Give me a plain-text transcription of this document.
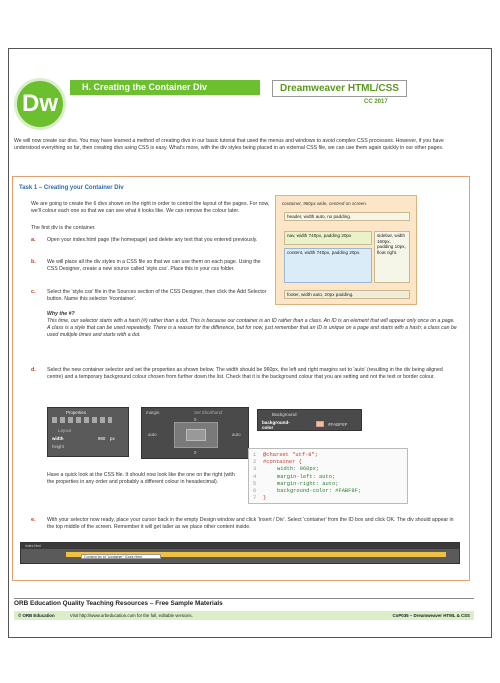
Dw
H. Creating the Container Div	Dreamweaver HTML/CSS
CC 2017
We will now create our divs. You may have learned a method of creating divs in our basic tutorial that used the menus and windows to avoid complex CSS processes. However, if you have understood everything so far, then creating divs using CSS is easy. What's more, with the div styles being placed in an external CSS file, we can use them again quickly in our other pages.
Task 1 – Creating your Container Div
We are going to create the 6 divs shown on the right in order to control the layout of the pages. For now, we'll colour each one so that we can see what it looks like. We can remove the colour later.
The first div is the container.
a. Open your index.html page (the homepage) and delete any text that you entered previously.
b. We will place all the div styles in a CSS file so that we can use them on each page. Using the CSS Designer, create a new source called 'style.css'. Place this in your css folder.
c. Select the 'style.css' file in the Sources section of the CSS Designer, then click the Add Selector button. Name this selector '#container'.
Why the #?
This time, our selector starts with a hash (#) rather than a dot. This is because our container is an ID rather than a class. An ID is an element that will appear only once on a page. A class is a style that can be used repeatedly. There is a reason for the difference, but for now, just remember that an ID is unique on a page and starts with a hash; a class can be used multiple times and starts with a dot.
d. Select the new container selector and set the properties as shown below. The width should be 960px, the left and right margins set to 'auto' (resulting in the div being aligned centre) and a temporary background colour chosen from further down the list. Check that it is the background colour that you are setting and not the text or border colour.
container, 960px wide, centred on screen.
header, width auto, no padding.
nav, width 740px, padding 20px
content, width 740px, padding 20px.
sidebar, width 160px, padding 10px, float right.
footer, width auto, 20px padding.
Properties
Layout
width	960 px
height
margin	Set Shorthand
0
auto	auto
0
Background
background-color
#FABF8F
Have a quick look at the CSS file. It should now look like the one on the right (with the properties in any order and probably a different colour in hexadecimal).
e. With your selector now ready, place your cursor back in the empty Design window and click 'Insert / Div'. Select 'container' from the ID box and click OK. The div should appear in the top middle of the screen. Remember it will get taller as we place other content inside.
1 @charset "utf-8";
2 #container {
3	width: 960px;
4	margin-left: auto;
5	margin-right: auto;
6	background-color: #FABF8F;
7 }
index.html
Content for id "container" Goes Here
ORB Education Quality Teaching Resources – Free Sample Materials
© ORB Education	Visit http://www.orbeducation.com for the full, editable versions.	CoP035 – Dreamweaver HTML & CSS
